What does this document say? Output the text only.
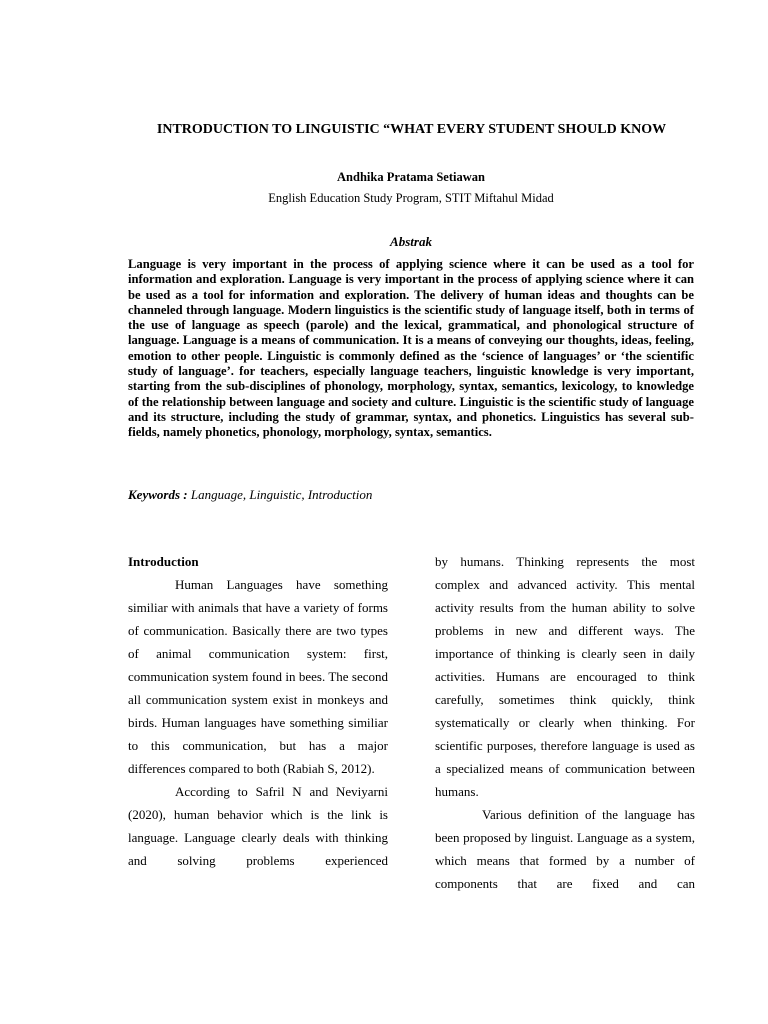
INTRODUCTION TO LINGUISTIC “WHAT EVERY STUDENT SHOULD KNOW
Andhika Pratama Setiawan
English Education Study Program, STIT Miftahul Midad
Abstrak

Language is very important in the process of applying science where it can be used as a tool for information and exploration. Language is very important in the process of applying science where it can be used as a tool for information and exploration. The delivery of human ideas and thoughts can be channeled through language. Modern linguistics is the scientific study of language itself, both in terms of the use of language as speech (parole) and the lexical, grammatical, and phonological structure of language. Language is a means of communication. It is a means of conveying our thoughts, ideas, feeling, emotion to other people. Linguistic is commonly defined as the ‘science of languages’ or ‘the scientific study of language’. for teachers, especially language teachers, linguistic knowledge is very important, starting from the sub-disciplines of phonology, morphology, syntax, semantics, lexicology, to knowledge of the relationship between language and society and culture. Linguistic is the scientific study of language and its structure, including the study of grammar, syntax, and phonetics. Linguistics has several sub-fields, namely phonetics, phonology, morphology, syntax, semantics.

Keywords : Language, Linguistic, Introduction
Introduction

Human Languages have something similiar with animals that have a variety of forms of communication. Basically there are two types of animal communication system: first, communication system found in bees. The second all communication system exist in monkeys and birds. Human languages have something similiar to this communication, but has a major differences compared to both (Rabiah S, 2012).

According to Safril N and Neviyarni (2020), human behavior which is the link is language. Language clearly deals with thinking and solving problems experienced

by humans. Thinking represents the most complex and advanced activity. This mental activity results from the human ability to solve problems in new and different ways. The importance of thinking is clearly seen in daily activities. Humans are encouraged to think carefully, sometimes think quickly, think systematically or clearly when thinking. For scientific purposes, therefore language is used as a specialized means of communication between humans.

Various definition of the language has been proposed by linguist. Language as a system, which means that formed by a number of components that are fixed and can
